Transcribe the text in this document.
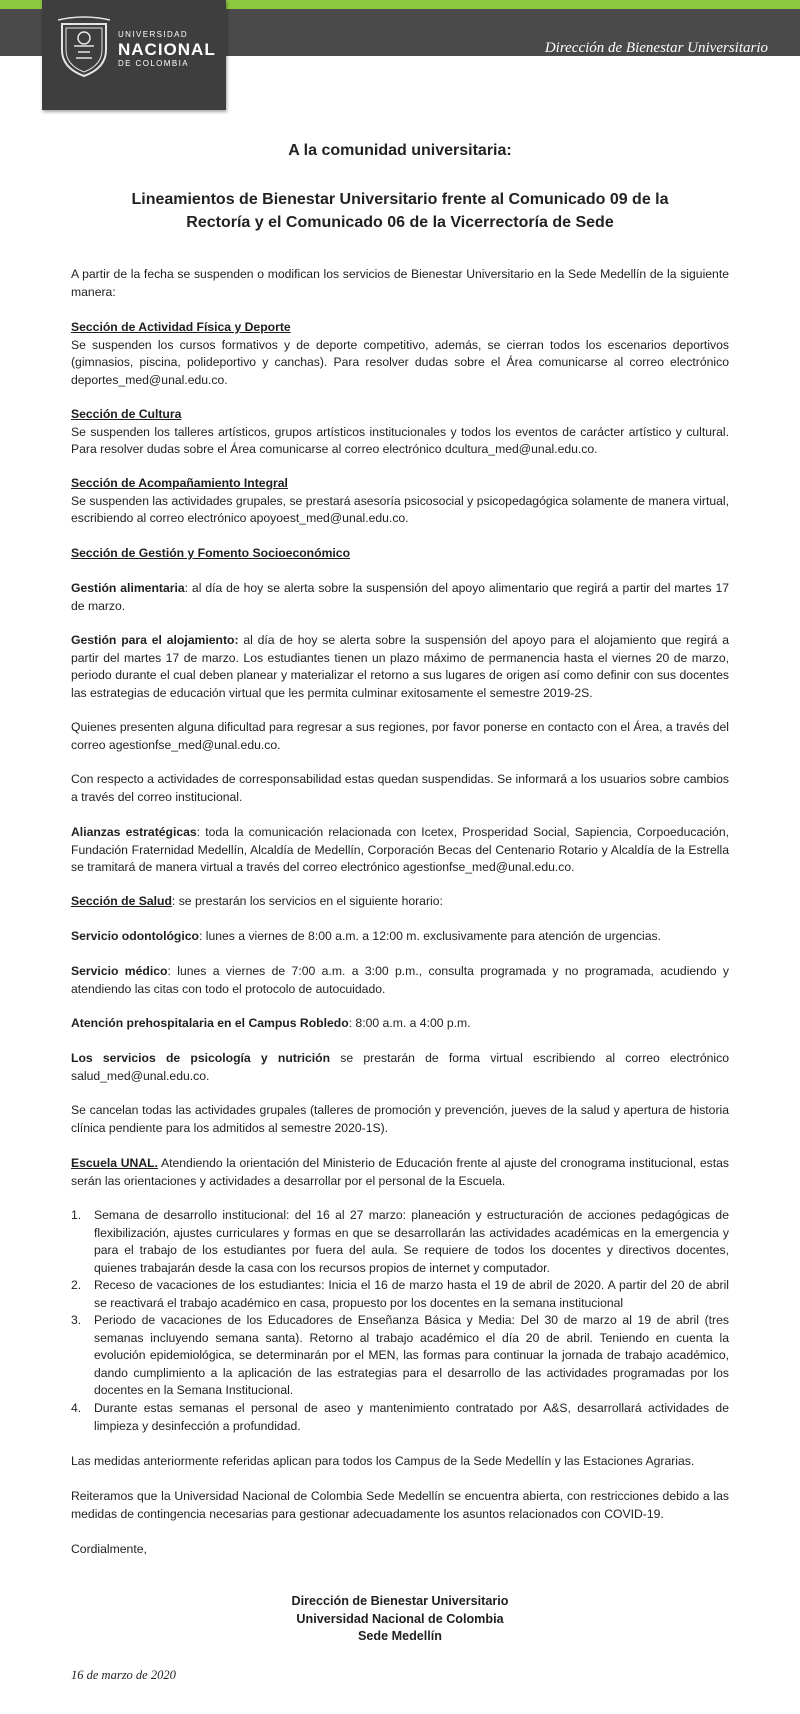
UNIVERSIDAD
NACIONAL
DE COLOMBIA
Dirección de Bienestar Universitario
A la comunidad universitaria:
Lineamientos de Bienestar Universitario frente al Comunicado 09 de la
Rectoría y el Comunicado 06 de la Vicerrectoría de Sede
A partir de la fecha se suspenden o modifican los servicios de Bienestar Universitario en la Sede Medellín de la siguiente manera:
Sección de Actividad Física y Deporte
Se suspenden los cursos formativos y de deporte competitivo, además, se cierran todos los escenarios deportivos (gimnasios, piscina, polideportivo y canchas). Para resolver dudas sobre el Área comunicarse al correo electrónico deportes_med@unal.edu.co.
Sección de Cultura
Se suspenden los talleres artísticos, grupos artísticos institucionales y todos los eventos de carácter artístico y cultural. Para resolver dudas sobre el Área comunicarse al correo electrónico dcultura_med@unal.edu.co.
Sección de Acompañamiento Integral
Se suspenden las actividades grupales, se prestará asesoría psicosocial y psicopedagógica solamente de manera virtual, escribiendo al correo electrónico apoyoest_med@unal.edu.co.
Sección de Gestión y Fomento Socioeconómico
Gestión alimentaria: al día de hoy se alerta sobre la suspensión del apoyo alimentario que regirá a partir del martes 17 de marzo.
Gestión para el alojamiento: al día de hoy se alerta sobre la suspensión del apoyo para el alojamiento que regirá a partir del martes 17 de marzo. Los estudiantes tienen un plazo máximo de permanencia hasta el viernes 20 de marzo, periodo durante el cual deben planear y materializar el retorno a sus lugares de origen así como definir con sus docentes las estrategias de educación virtual que les permita culminar exitosamente el semestre 2019-2S.
Quienes presenten alguna dificultad para regresar a sus regiones, por favor ponerse en contacto con el Área, a través del correo agestionfse_med@unal.edu.co.
Con respecto a actividades de corresponsabilidad estas quedan suspendidas. Se informará a los usuarios sobre cambios a través del correo institucional.
Alianzas estratégicas: toda la comunicación relacionada con Icetex, Prosperidad Social, Sapiencia, Corpoeducación, Fundación Fraternidad Medellín, Alcaldía de Medellín, Corporación Becas del Centenario Rotario y Alcaldía de la Estrella se tramitará de manera virtual a través del correo electrónico agestionfse_med@unal.edu.co.
Sección de Salud: se prestarán los servicios en el siguiente horario:
Servicio odontológico: lunes a viernes de 8:00 a.m. a 12:00 m. exclusivamente para atención de urgencias.
Servicio médico: lunes a viernes de 7:00 a.m. a 3:00 p.m., consulta programada y no programada, acudiendo y atendiendo las citas con todo el protocolo de autocuidado.
Atención prehospitalaria en el Campus Robledo: 8:00 a.m. a 4:00 p.m.
Los servicios de psicología y nutrición se prestarán de forma virtual escribiendo al correo electrónico salud_med@unal.edu.co.
Se cancelan todas las actividades grupales (talleres de promoción y prevención, jueves de la salud y apertura de historia clínica pendiente para los admitidos al semestre 2020-1S).
Escuela UNAL. Atendiendo la orientación del Ministerio de Educación frente al ajuste del cronograma institucional, estas serán las orientaciones y actividades a desarrollar por el personal de la Escuela.
1.	Semana de desarrollo institucional: del 16 al 27 marzo: planeación y estructuración de acciones pedagógicas de flexibilización, ajustes curriculares y formas en que se desarrollarán las actividades académicas en la emergencia y para el trabajo de los estudiantes por fuera del aula. Se requiere de todos los docentes y directivos docentes, quienes trabajarán desde la casa con los recursos propios de internet y computador.
2.	Receso de vacaciones de los estudiantes: Inicia el 16 de marzo hasta el 19 de abril de 2020. A partir del 20 de abril se reactivará el trabajo académico en casa, propuesto por los docentes en la semana institucional
3.	Periodo de vacaciones de los Educadores de Enseñanza Básica y Media: Del 30 de marzo al 19 de abril (tres semanas incluyendo semana santa). Retorno al trabajo académico el día 20 de abril. Teniendo en cuenta la evolución epidemiológica, se determinarán por el MEN, las formas para continuar la jornada de trabajo académico, dando cumplimiento a la aplicación de las estrategias para el desarrollo de las actividades programadas por los docentes en la Semana Institucional.
4.	Durante estas semanas el personal de aseo y mantenimiento contratado por A&S, desarrollará actividades de limpieza y desinfección a profundidad.
Las medidas anteriormente referidas aplican para todos los Campus de la Sede Medellín y las Estaciones Agrarias.
Reiteramos que la Universidad Nacional de Colombia Sede Medellín se encuentra abierta, con restricciones debido a las medidas de contingencia necesarias para gestionar adecuadamente los asuntos relacionados con COVID-19.
Cordialmente,
Dirección de Bienestar Universitario
Universidad Nacional de Colombia
Sede Medellín
16 de marzo de 2020
